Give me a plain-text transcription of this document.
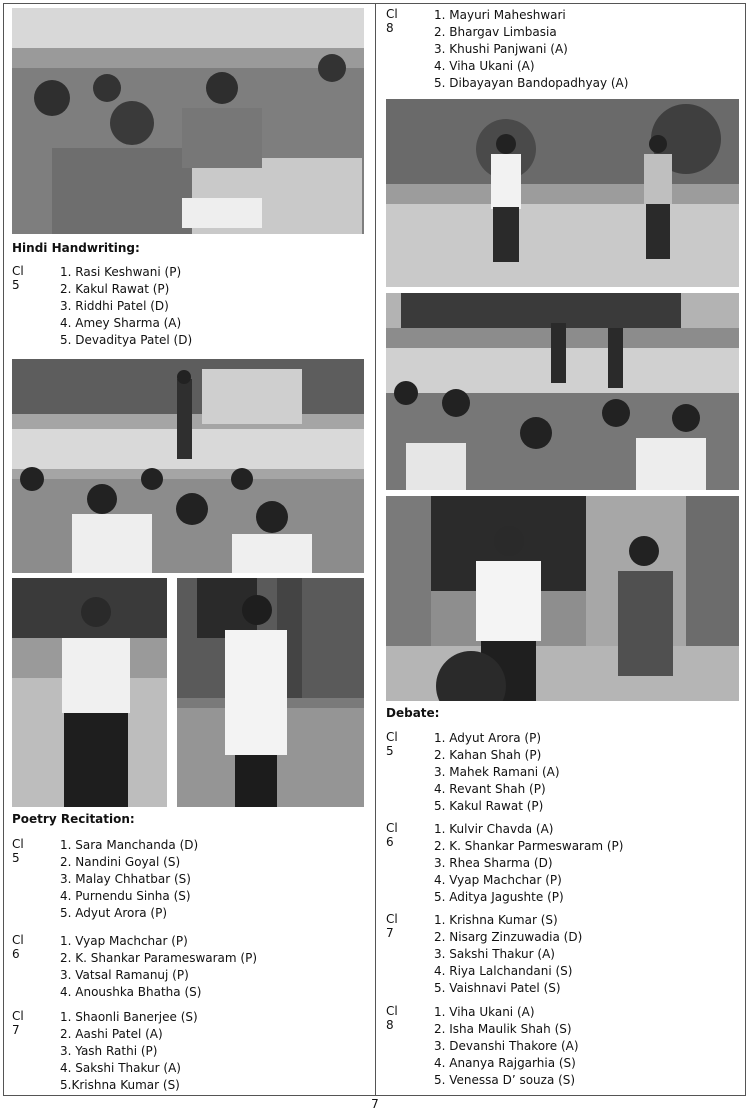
Hindi Handwriting:
Cl 5
1. Rasi Keshwani (P)
2. Kakul Rawat (P)
3. Riddhi Patel (D)
4. Amey Sharma (A)
5. Devaditya Patel (D)
Poetry Recitation:
Cl 5
1. Sara Manchanda (D)
2. Nandini Goyal (S)
3. Malay Chhatbar (S)
4. Purnendu Sinha (S)
5. Adyut Arora (P)
Cl 6
1. Vyap Machchar (P)
2. K. Shankar Parameswaram (P)
3. Vatsal Ramanuj (P)
4. Anoushka Bhatha (S)
Cl 7
1. Shaonli Banerjee (S)
2. Aashi Patel (A)
3. Yash Rathi (P)
4. Sakshi Thakur (A)
5.Krishna Kumar (S)
Cl 8
1. Mayuri Maheshwari
2. Bhargav Limbasia
3. Khushi Panjwani (A)
4. Viha Ukani (A)
5. Dibayayan Bandopadhyay (A)
Debate:
Cl 5
1. Adyut Arora (P)
2. Kahan Shah (P)
3. Mahek Ramani (A)
4. Revant Shah (P)
5. Kakul Rawat (P)
Cl 6
1. Kulvir Chavda (A)
2. K. Shankar Parmeswaram (P)
3. Rhea Sharma (D)
4. Vyap Machchar (P)
5. Aditya Jagushte (P)
Cl 7
1. Krishna Kumar (S)
2. Nisarg Zinzuwadia (D)
3. Sakshi Thakur (A)
4. Riya Lalchandani (S)
5. Vaishnavi Patel (S)
Cl 8
1. Viha Ukani (A)
2. Isha Maulik Shah (S)
3. Devanshi Thakore (A)
4. Ananya Rajgarhia (S)
5. Venessa D’ souza (S)
7
